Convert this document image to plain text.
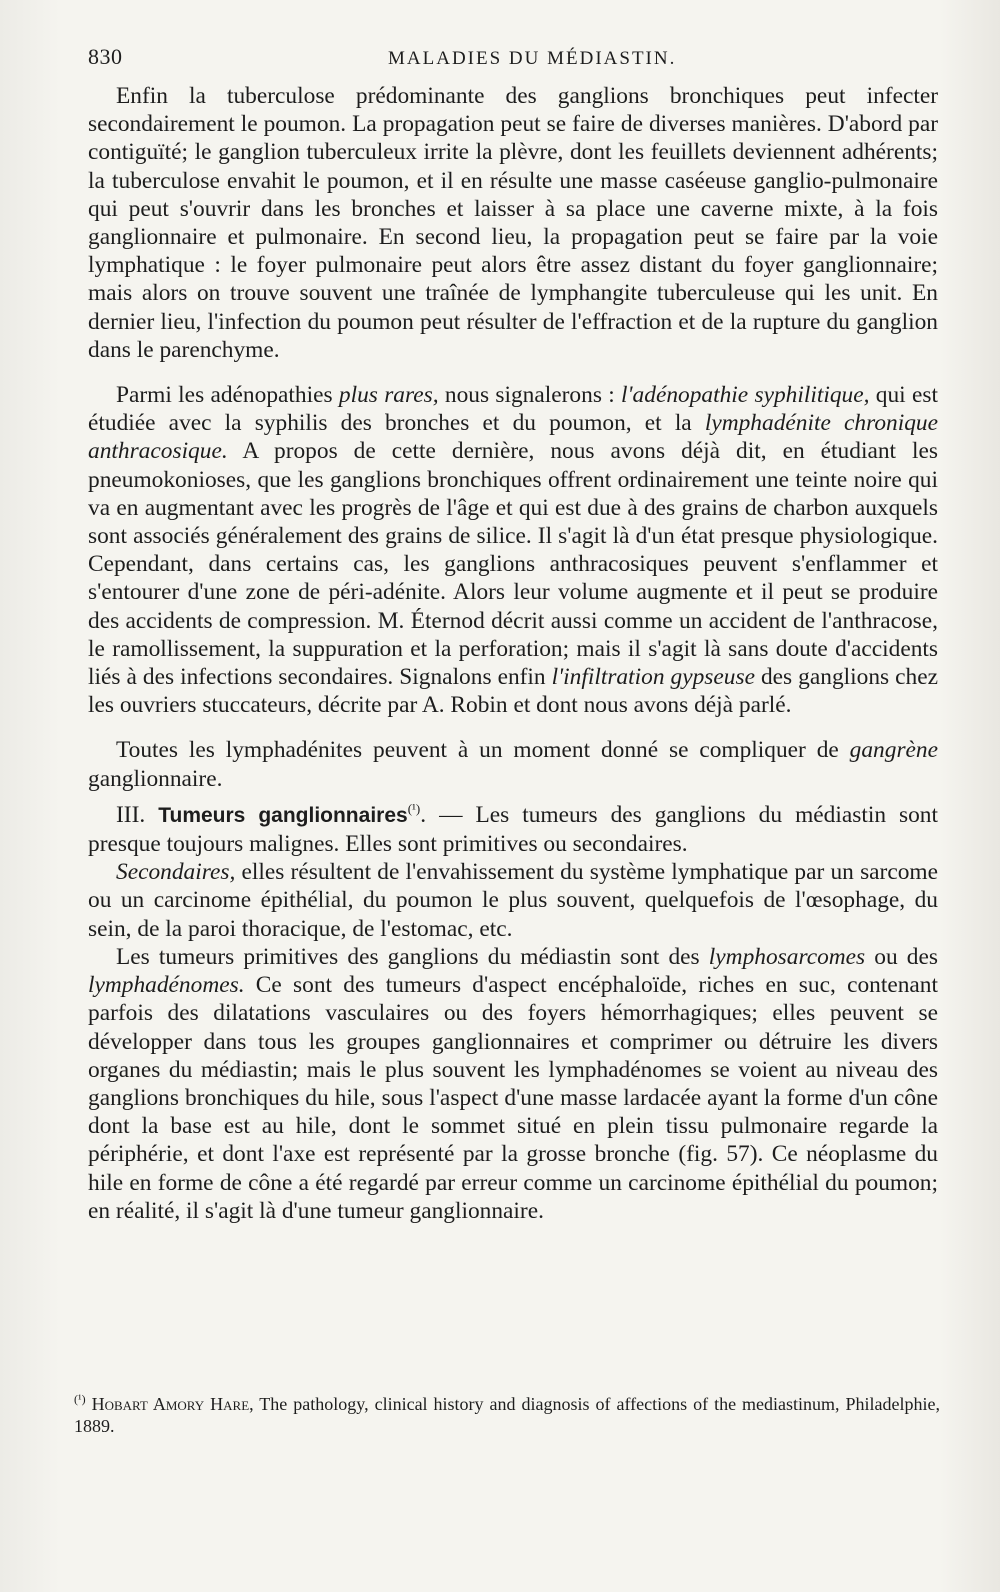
830	MALADIES DU MÉDIASTIN.

Enfin la tuberculose prédominante des ganglions bronchiques peut infecter secondairement le poumon. La propagation peut se faire de diverses manières. D'abord par contiguïté; le ganglion tuberculeux irrite la plèvre, dont les feuillets deviennent adhérents; la tuberculose envahit le poumon, et il en résulte une masse caséeuse ganglio-pulmonaire qui peut s'ouvrir dans les bronches et laisser à sa place une caverne mixte, à la fois ganglionnaire et pulmonaire. En second lieu, la propagation peut se faire par la voie lymphatique : le foyer pulmonaire peut alors être assez distant du foyer ganglionnaire; mais alors on trouve souvent une traînée de lymphangite tuberculeuse qui les unit. En dernier lieu, l'infection du poumon peut résulter de l'effraction et de la rupture du ganglion dans le parenchyme.

Parmi les adénopathies plus rares, nous signalerons : l'adénopathie syphilitique, qui est étudiée avec la syphilis des bronches et du poumon, et la lymphadénite chronique anthracosique. A propos de cette dernière, nous avons déjà dit, en étudiant les pneumokonioses, que les ganglions bronchiques offrent ordinairement une teinte noire qui va en augmentant avec les progrès de l'âge et qui est due à des grains de charbon auxquels sont associés généralement des grains de silice. Il s'agit là d'un état presque physiologique. Cependant, dans certains cas, les ganglions anthracosiques peuvent s'enflammer et s'entourer d'une zone de péri-adénite. Alors leur volume augmente et il peut se produire des accidents de compression. M. Éternod décrit aussi comme un accident de l'anthracose, le ramollissement, la suppuration et la perforation; mais il s'agit là sans doute d'accidents liés à des infections secondaires. Signalons enfin l'infiltration gypseuse des ganglions chez les ouvriers stuccateurs, décrite par A. Robin et dont nous avons déjà parlé.

Toutes les lymphadénites peuvent à un moment donné se compliquer de gangrène ganglionnaire.

III. Tumeurs ganglionnaires$^{(^1)}$. — Les tumeurs des ganglions du médiastin sont presque toujours malignes. Elles sont primitives ou secondaires.

Secondaires, elles résultent de l'envahissement du système lymphatique par un sarcome ou un carcinome épithélial, du poumon le plus souvent, quelquefois de l'œsophage, du sein, de la paroi thoracique, de l'estomac, etc.

Les tumeurs primitives des ganglions du médiastin sont des lymphosarcomes ou des lymphadénomes. Ce sont des tumeurs d'aspect encéphaloïde, riches en suc, contenant parfois des dilatations vasculaires ou des foyers hémorrhagiques; elles peuvent se développer dans tous les groupes ganglionnaires et comprimer ou détruire les divers organes du médiastin; mais le plus souvent les lymphadénomes se voient au niveau des ganglions bronchiques du hile, sous l'aspect d'une masse lardacée ayant la forme d'un cône dont la base est au hile, dont le sommet situé en plein tissu pulmonaire regarde la périphérie, et dont l'axe est représenté par la grosse bronche (fig. 57). Ce néoplasme du hile en forme de cône a été regardé par erreur comme un carcinome épithélial du poumon; en réalité, il s'agit là d'une tumeur ganglionnaire.

$^{(^1)}$ Hobart Amory Hare, The pathology, clinical history and diagnosis of affections of the mediastinum, Philadelphie, 1889.
